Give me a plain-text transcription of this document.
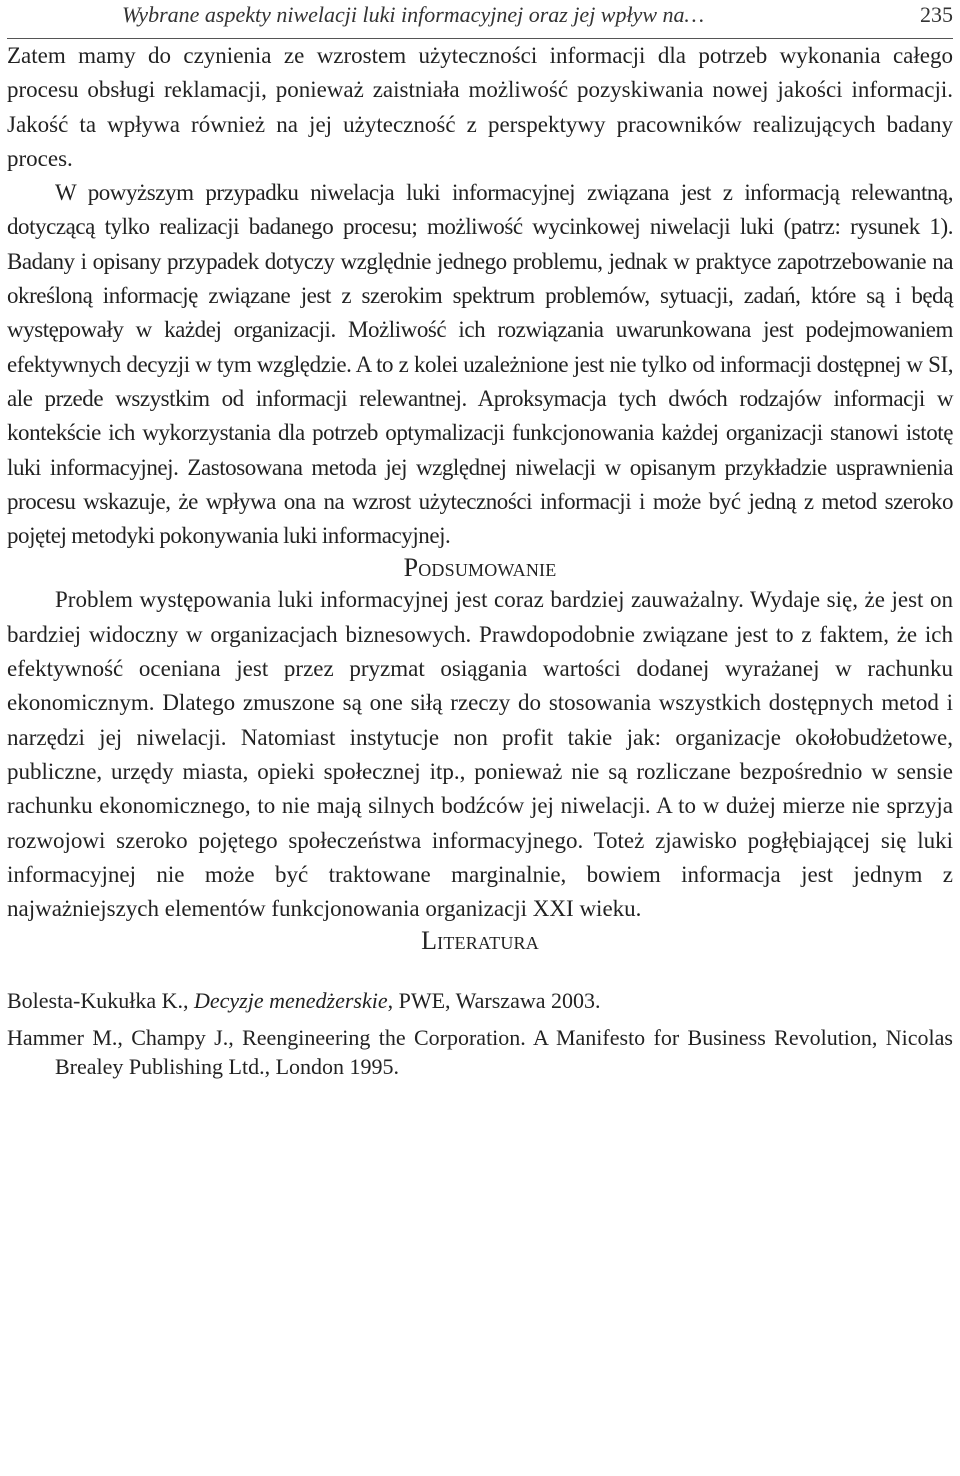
Wybrane aspekty niwelacji luki informacyjnej oraz jej wpływ na…	235

Zatem mamy do czynienia ze wzrostem użyteczności informacji dla potrzeb wykonania całego procesu obsługi reklamacji, ponieważ zaistniała możliwość pozyskiwania nowej jakości informacji. Jakość ta wpływa również na jej użyteczność z perspektywy pracowników realizujących badany proces.

W powyższym przypadku niwelacja luki informacyjnej związana jest z informacją relewantną, dotyczącą tylko realizacji badanego procesu; możliwość wycinkowej niwelacji luki (patrz: rysunek 1). Badany i opisany przypadek dotyczy względnie jednego problemu, jednak w praktyce zapotrzebowanie na określoną informację związane jest z szerokim spektrum problemów, sytuacji, zadań, które są i będą występowały w każdej organizacji. Możliwość ich rozwiązania uwarunkowana jest podejmowaniem efektywnych decyzji w tym względzie. A to z kolei uzależnione jest nie tylko od informacji dostępnej w SI, ale przede wszystkim od informacji relewantnej. Aproksymacja tych dwóch rodzajów informacji w kontekście ich wykorzystania dla potrzeb optymalizacji funkcjonowania każdej organizacji stanowi istotę luki informacyjnej. Zastosowana metoda jej względnej niwelacji w opisanym przykładzie usprawnienia procesu wskazuje, że wpływa ona na wzrost użyteczności informacji i może być jedną z metod szeroko pojętej metodyki pokonywania luki informacyjnej.

Podsumowanie

Problem występowania luki informacyjnej jest coraz bardziej zauważalny. Wydaje się, że jest on bardziej widoczny w organizacjach biznesowych. Prawdopodobnie związane jest to z faktem, że ich efektywność oceniana jest przez pryzmat osiągania wartości dodanej wyrażanej w rachunku ekonomicznym. Dlatego zmuszone są one siłą rzeczy do stosowania wszystkich dostępnych metod i narzędzi jej niwelacji. Natomiast instytucje non profit takie jak: organizacje okołobudżetowe, publiczne, urzędy miasta, opieki społecznej itp., ponieważ nie są rozliczane bezpośrednio w sensie rachunku ekonomicznego, to nie mają silnych bodźców jej niwelacji. A to w dużej mierze nie sprzyja rozwojowi szeroko pojętego społeczeństwa informacyjnego. Toteż zjawisko pogłębiającej się luki informacyjnej nie może być traktowane marginalnie, bowiem informacja jest jednym z najważniejszych elementów funkcjonowania organizacji XXI wieku.

Literatura

Bolesta-Kukułka K., Decyzje menedżerskie, PWE, Warszawa 2003.

Hammer M., Champy J., Reengineering the Corporation. A Manifesto for Business Revolution, Nicolas Brealey Publishing Ltd., London 1995.
